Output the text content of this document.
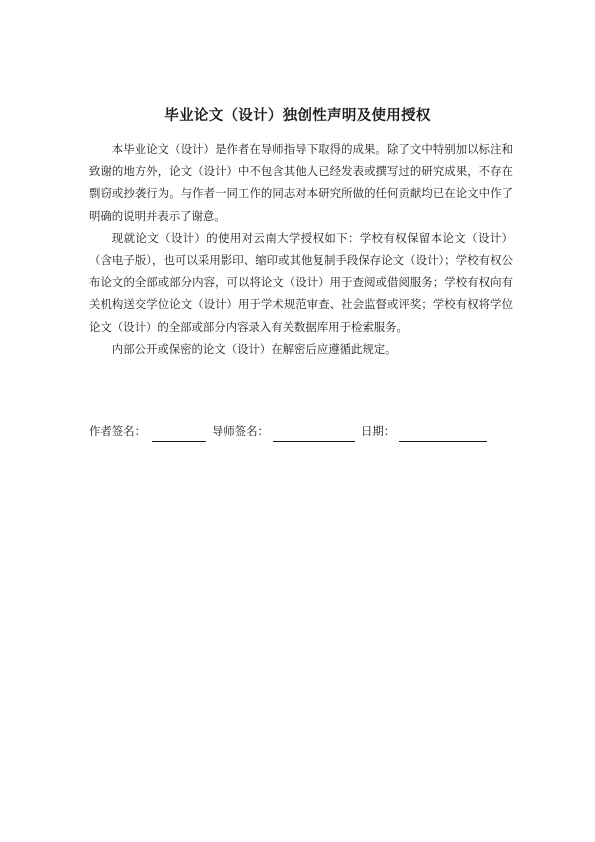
毕业论文（设计）独创性声明及使用授权

本毕业论文（设计）是作者在导师指导下取得的成果。除了文中特别加以标注和致谢的地方外，论文（设计）中不包含其他人已经发表或撰写过的研究成果，不存在剽窃或抄袭行为。与作者一同工作的同志对本研究所做的任何贡献均已在论文中作了明确的说明并表示了谢意。

现就论文（设计）的使用对云南大学授权如下：学校有权保留本论文（设计）（含电子版），也可以采用影印、缩印或其他复制手段保存论文（设计）；学校有权公布论文的全部或部分内容，可以将论文（设计）用于查阅或借阅服务；学校有权向有关机构送交学位论文（设计）用于学术规范审查、社会监督或评奖；学校有权将学位论文（设计）的全部或部分内容录入有关数据库用于检索服务。

内部公开或保密的论文（设计）在解密后应遵循此规定。

作者签名：	导师签名：	日期：
